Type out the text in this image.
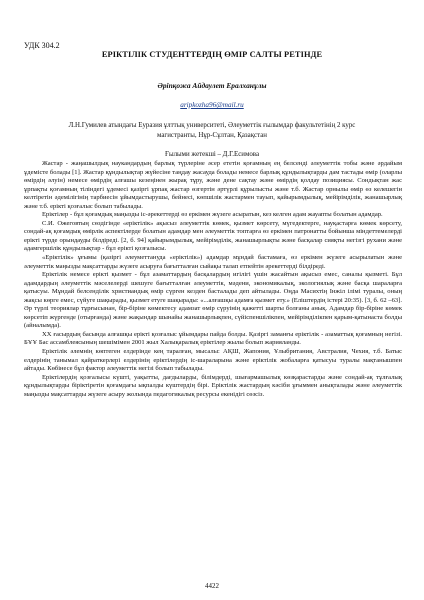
УДК 304.2
ЕРІКТІЛІК СТУДЕНТТЕРДІҢ ӨМІР САЛТЫ РЕТІНДЕ
Әріпқожа Айдаулет Ералханұлы
aripkozha96@mail.ru
Л.Н.Гумилев атындағы Еуразия ұлттық университеті, Әлеуметтік ғылымдар факультетінің 2 курс магистранты, Нұр-Сұлтан, Қазақстан
Ғылыми жетекші – Д.Г.Есимова

Жастар - жаңашылдық наукандардың барлық түрлеріне әсер ететін қоғамның ең белсенді әлеуметтік тобы және әрдайым ұдемісте болады [1]. Жастар құндылықтар жүйесіне таңдау жасауда болады немесе барлық құндылықтарды дам тастады өмір (оларлы өмірдің әлуін) немесе өмірдің алғашы кезеңінен жырақ тұру, және дене сақтау және өмірдің қолдау позициясы. Сондықтан жас ұрпақты қоғамның тіліндегі ұдемесі қазіргі ұрпақ жастар өзгертін әртүрлі құрылысты және т.б. Жастар орнылы өмір өз келешегін келтіретін әдемілігінің тарбиесін ұйымдастырушы, бейнесі, көпшілік жастармен тауып, қайырымдылық, мейірімділік, жанашырлық және т.б. ерікті қозғалыс болып табылады.

Еріктілер - бұл қоғамдық маңызды іс-әрекеттерді өз еркімен жүзеге асыратын, кез келген адам жауапты болатын адамдар.

С.И. Ожеговтың сөздігінде «еріктілік» ақысыз әлеуметтік көмек, қызмет көрсету, мүгедектерге, науқастарға көмек көрсету, сондай-ақ қоғамдық өмірлік аспектілерде болатын адамдар мен әлеуметтік топтарға өз еркімен патронатты бойынша міндеттемелерді ерікті түрде орындауды білдіреді. [2, б. 94] қайырымдылық, мейірімділік, жанашырлықты және басқалар сияқты негізгі рухани және адамгершілік құндылықтар - бұл ерікті қозғалысы.

«Еріктілік» ұғымы (қазіргі әлеуметтануда «еріктілік») адамдар мұндай бастамаға, өз еркімен жүзеге асырылатын және әлеуметтік маңызды мақсаттарды жүзеге асыруға бағытталған сыйақы талап етпейтін әрекеттерді білдіреді.

Еріктілік немесе ерікті қызмет - бұл азаматтардың басқалардың игілігі үшін жасайтын ақысыз емес, саналы қызметі. Бұл адамдардың әлеуметтік мәселелерді шешуге бағытталған әлеуметтік, мәдени, экономикалық, экологиялық және басқа шараларға қатысуы. Мұндай белсенділік христиандық өмір сүрген кезден басталады деп айтылады. Оңда Масихтің Інжіл ілімі туралы, оның жақсы көрге емес, сүйуге шақырады, қызмет етуге шақырады: «...алғашқы адамға қызмет ету.» (Еліштердің істері 20:35). [3, б. 62 –63]. Әр түрлі теориялар тұрғысынан, бір-біріне көмектесу адамзат өмір сүруінің қажетті шарты болғаны анық. Адамдар бір-біріне көмек көрсетіп жүргенде (отырғанда) және жақындар шынайы жанашырлықпен, сүйіспеншілікпен, мейірімділікпен қарым-қатынаста болды (айналымда).

XX ғасырдың басында алғашқы ерікті қозғалыс ұйымдары пайда болды. Қазіргі заманғы еріктілік - азаматтық қоғамның негізі. БҰҰ Бас ассамблеясының шешімімен 2001 жыл Халықаралық еріктілер жылы болып жарияланды.

Еріктілік әлемнің көптеген елдерінде кең таралған, мысалы: АҚШ, Жапония, Ұлыбритания, Австралия, Чехия, т.б. Батыс елдерінің танымал қайраткерлері елдерінің еріктілердің іс-шараларына және еріктілік жобаларға қатысуы туралы мақтанышпен айтады. Көбінесе бұл фактор әлеуметтік негізі болып табылады.

Еріктілердің қозғалысы күшті, уақытты, дағдыларды, білімдерді, шығармашылық көзқарастарды және сондай-ақ тұлғалық құндылықтарды біріктіретін қоғамдағы ықпалды күштердің бірі. Еріктілік жастардың кәсіби ұғыммен анықталады және әлеуметтік маңызды мақсаттарды жүзеге асыру жолында педагогикалық ресурсы екенідігі сөзсіз.

4422
